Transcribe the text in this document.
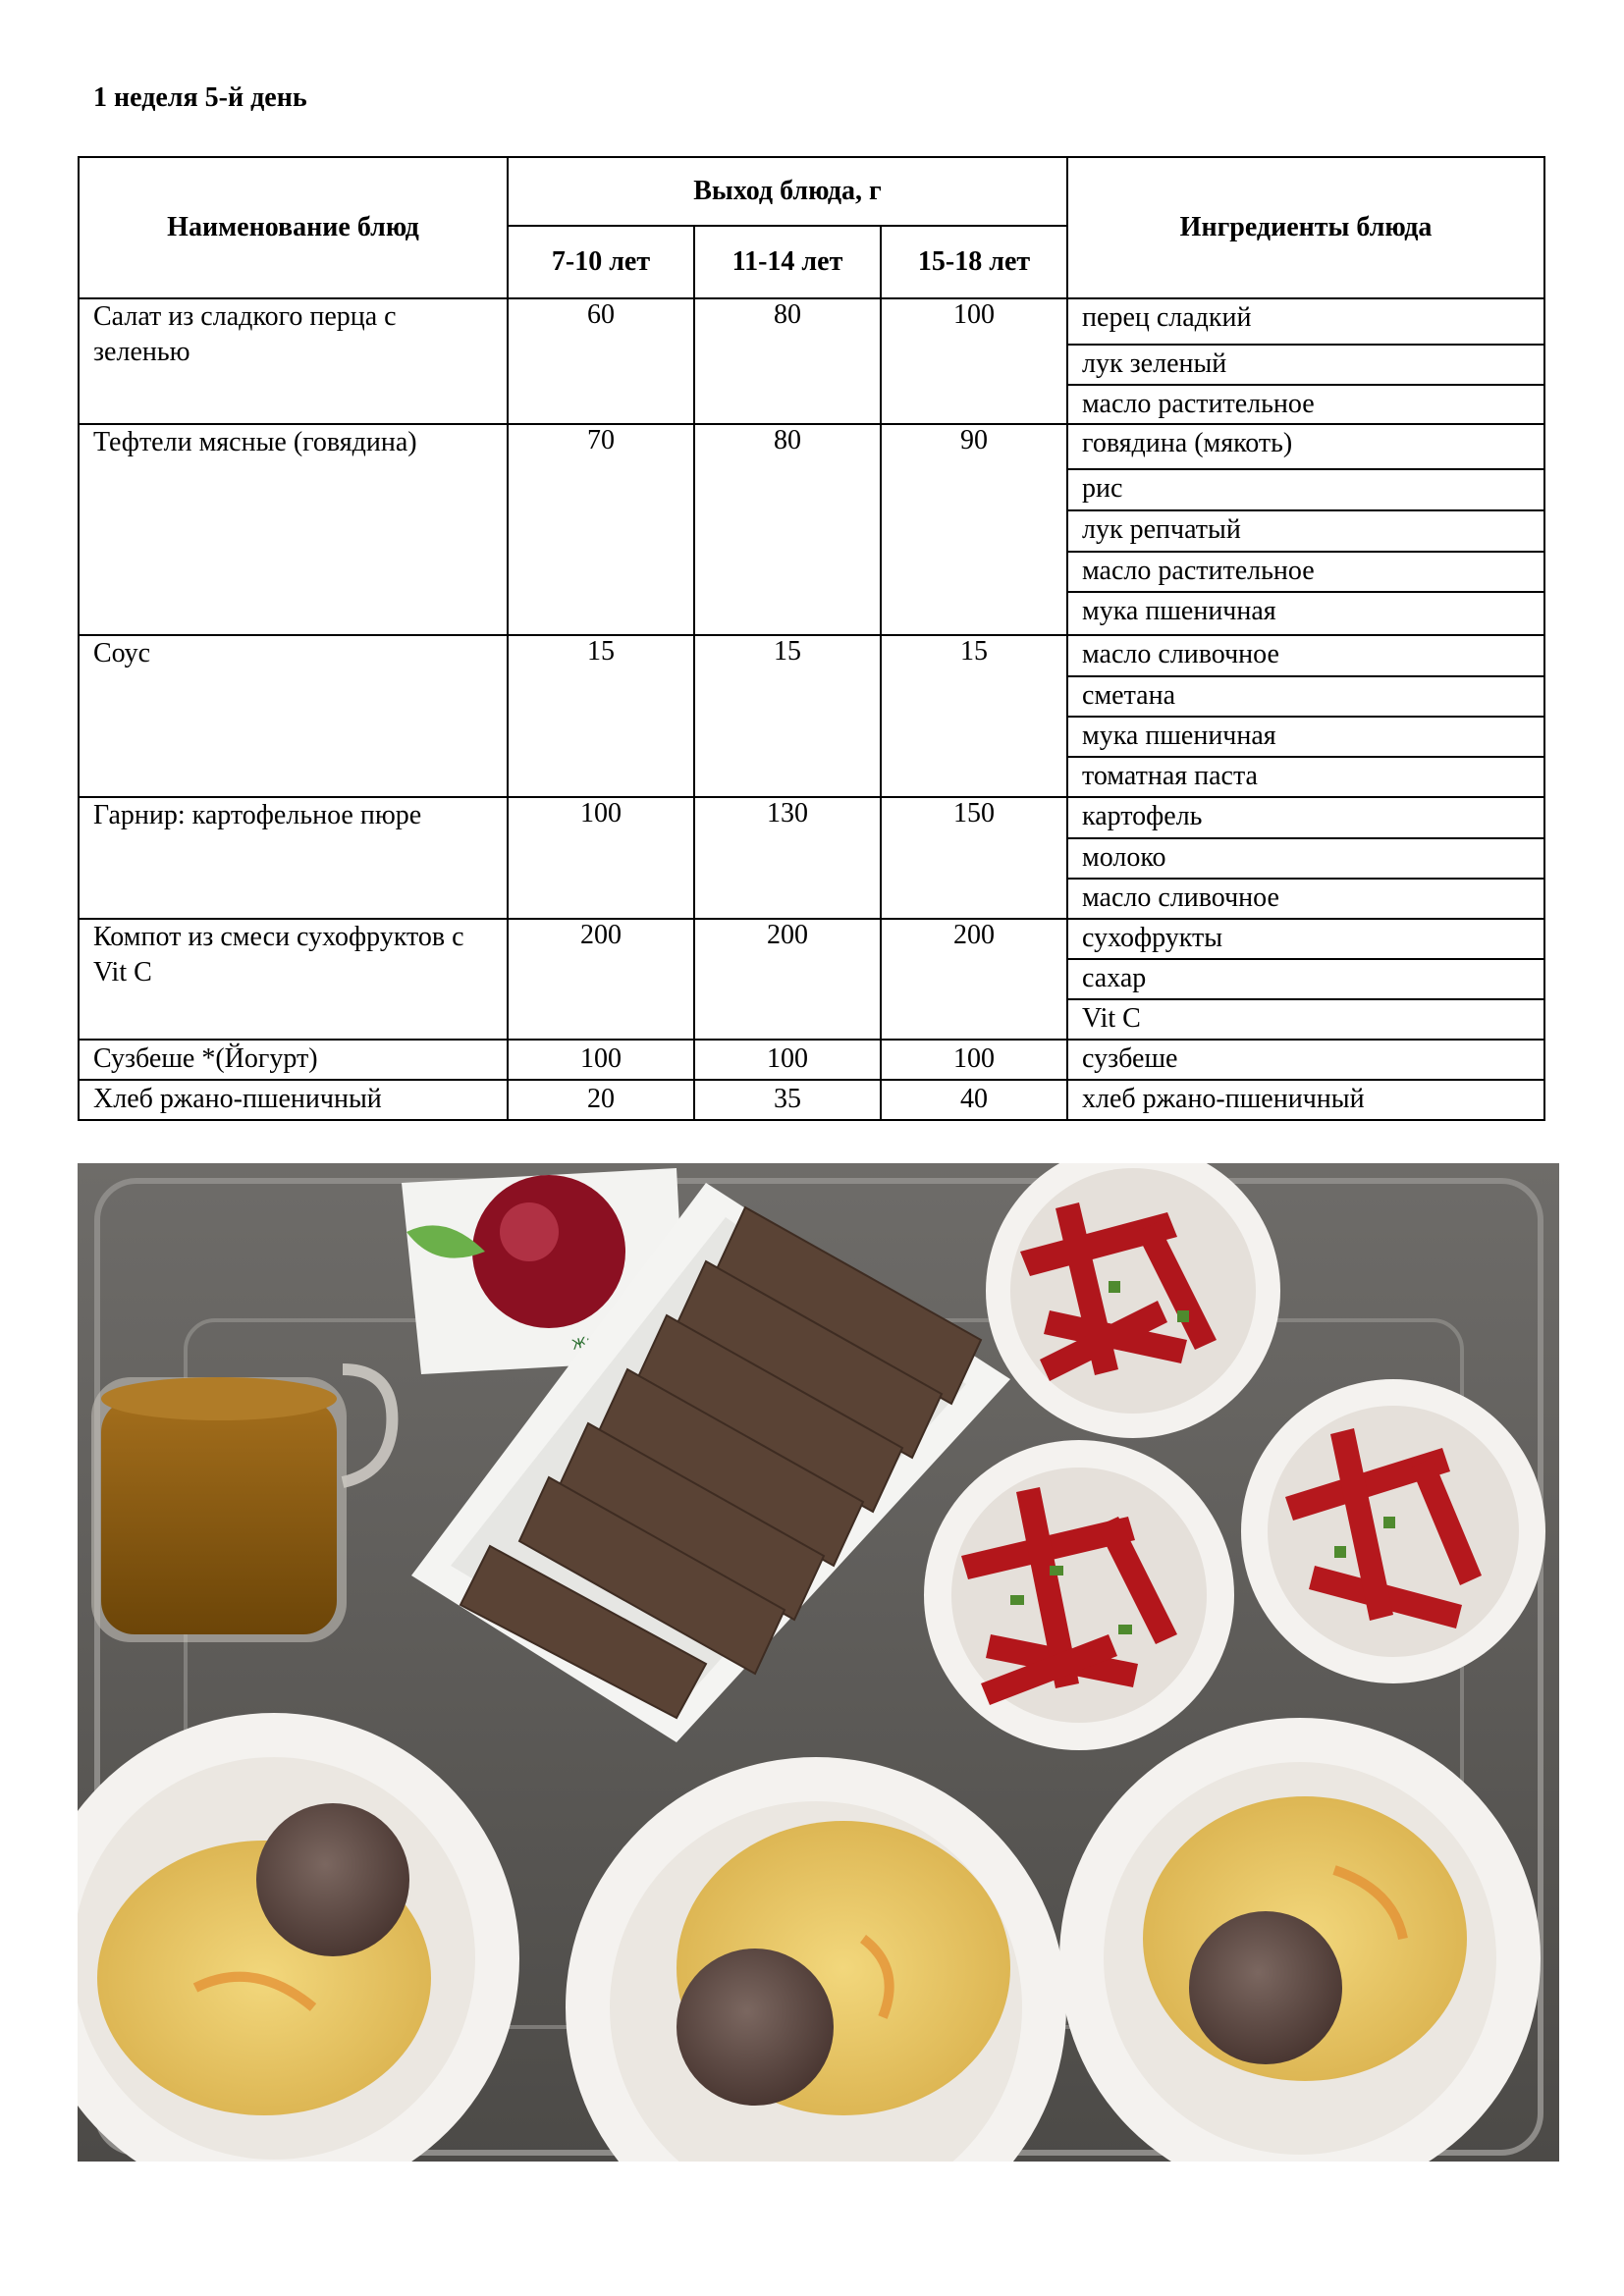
1 неделя 5-й день
Наименование блюд	Выход блюда, г			Ингредиенты блюда
	7-10 лет	11-14 лет	15-18 лет	
Салат из сладкого перца с зеленью	60	80	100	перец сладкий
				лук зеленый
				масло растительное
Тефтели мясные (говядина)	70	80	90	говядина (мякоть)
				рис
				лук репчатый
				масло растительное
				мука пшеничная
Соус	15	15	15	масло сливочное
				сметана
				мука пшеничная
				томатная паста
Гарнир: картофельное пюре	100	130	150	картофель
				молоко
				масло сливочное
Компот из смеси сухофруктов с Vit C	200	200	200	сухофрукты
				сахар
				Vit C
Сузбеше *(Йогурт)	100	100	100	сузбеше
Хлеб ржано-пшеничный	20	35	40	хлеб ржано-пшеничный
